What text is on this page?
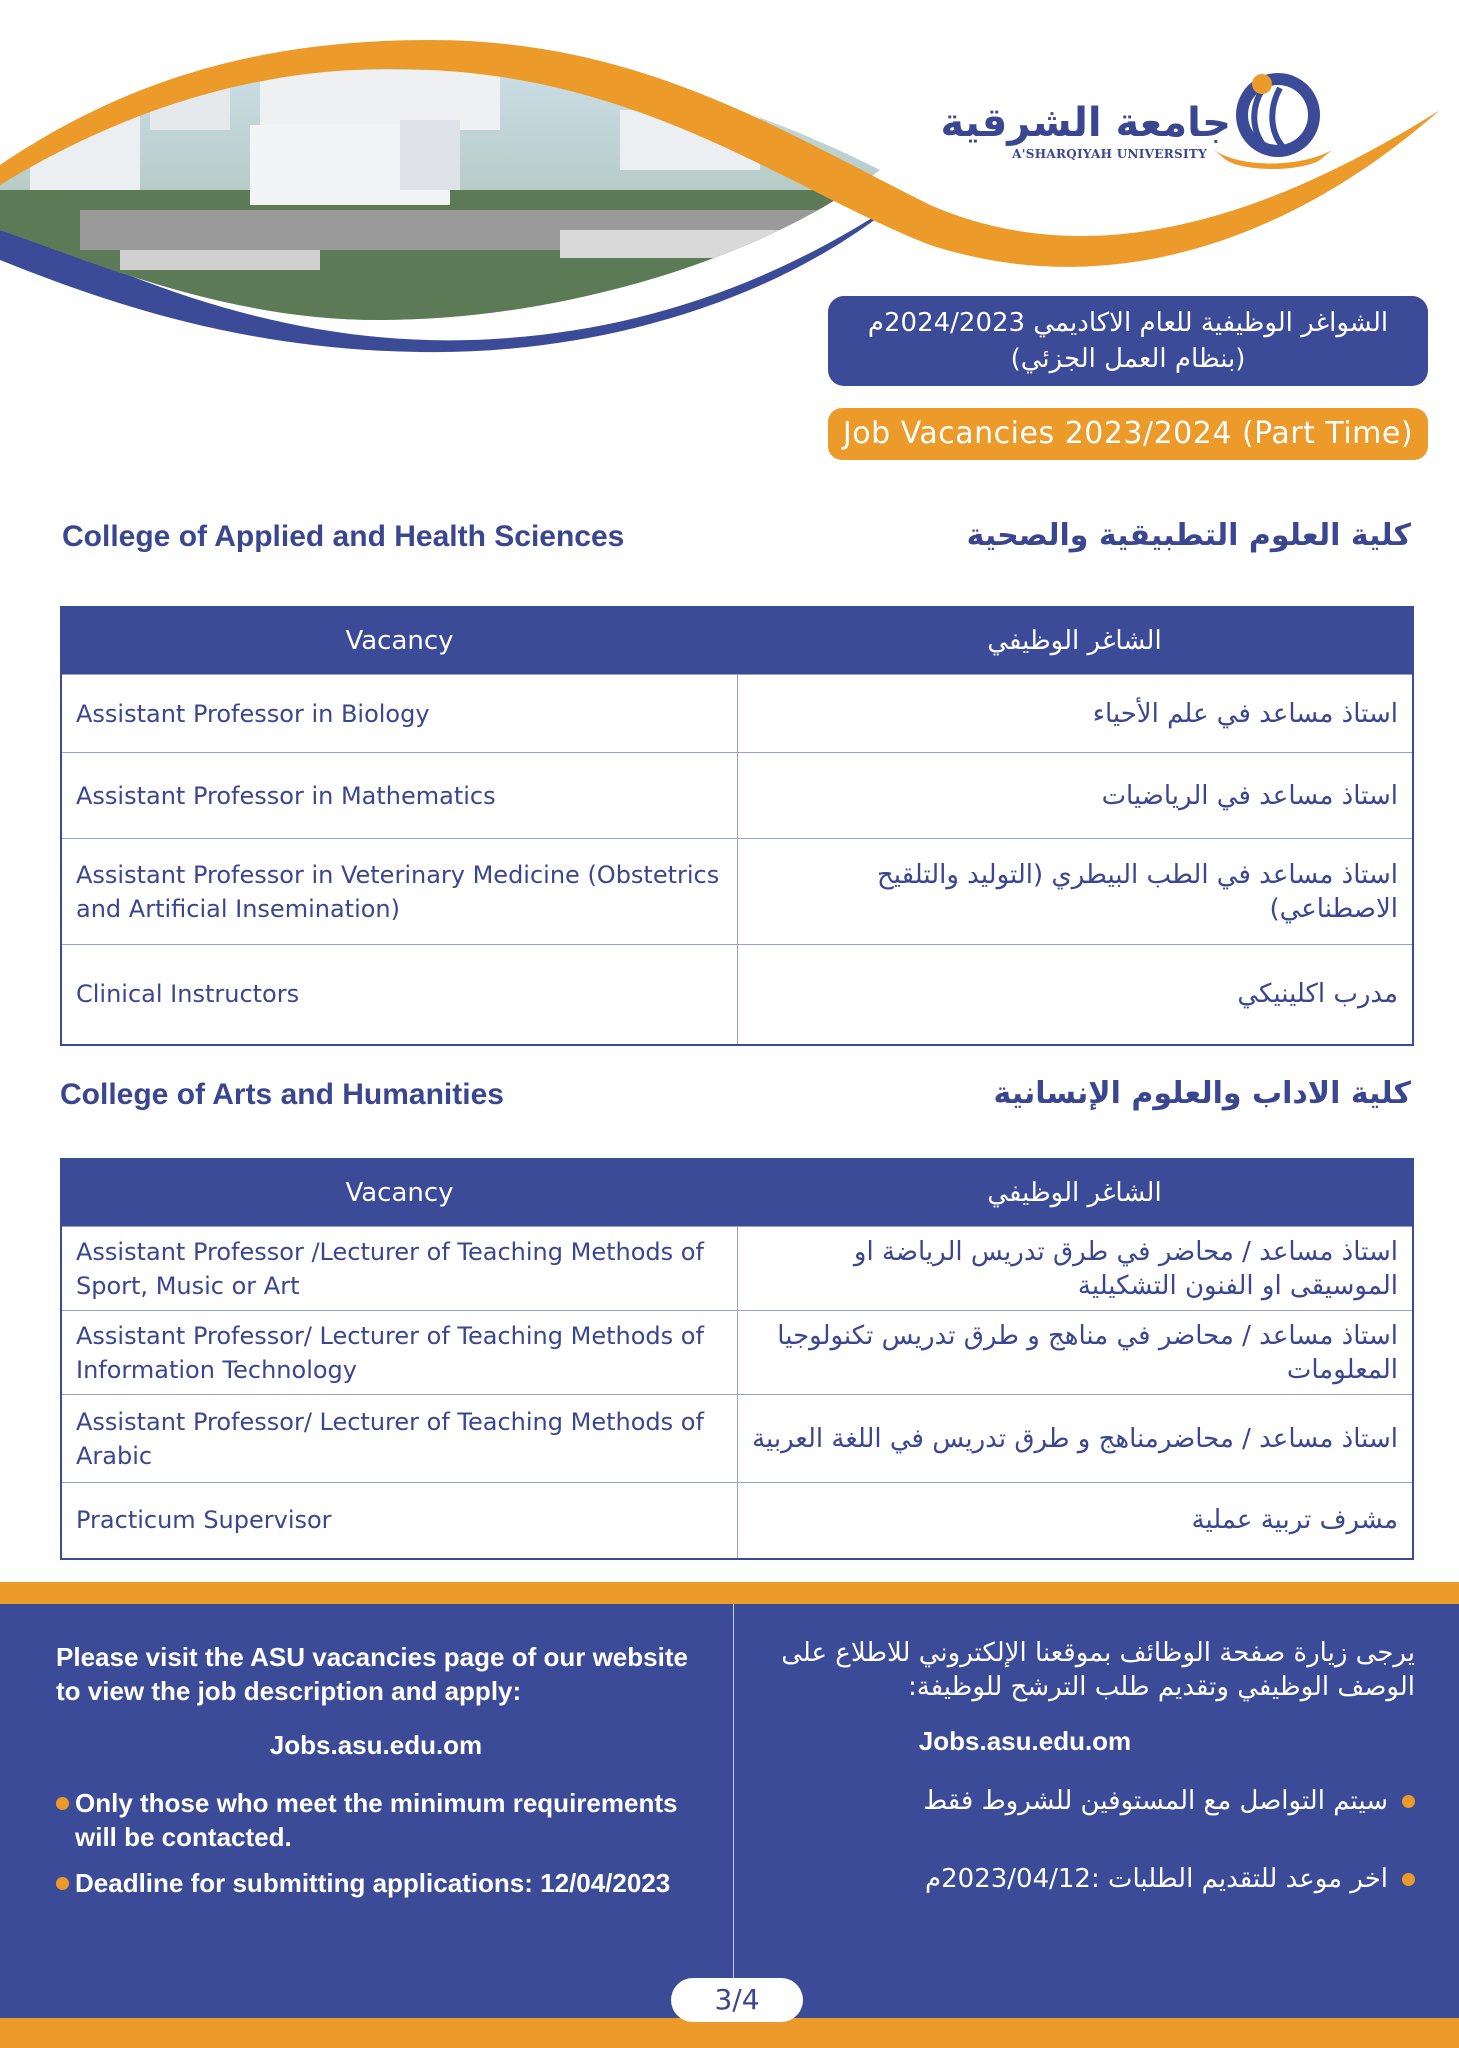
جامعة الشرقية
A'SHARQIYAH UNIVERSITY
الشواغر الوظيفية للعام الاكاديمي 2024/2023م
(بنظام العمل الجزئي)
Job Vacancies 2023/2024 (Part Time)
College of Applied and Health Sciences	كلية العلوم التطبيقية والصحية
Vacancy	الشاغر الوظيفي
Assistant Professor in Biology	استاذ مساعد في علم الأحياء
Assistant Professor in Mathematics	استاذ مساعد في الرياضيات
Assistant Professor in Veterinary Medicine (Obstetrics and Artificial Insemination)	استاذ مساعد في الطب البيطري (التوليد والتلقيح الاصطناعي)
Clinical Instructors	مدرب اكلينيكي
College of Arts and Humanities	كلية الاداب والعلوم الإنسانية
Vacancy	الشاغر الوظيفي
Assistant Professor /Lecturer of Teaching Methods of Sport, Music or Art	استاذ مساعد / محاضر في طرق تدريس الرياضة او الموسيقى او الفنون التشكيلية
Assistant Professor/ Lecturer of Teaching Methods of Information Technology	استاذ مساعد / محاضر في مناهج و طرق تدريس تكنولوجيا المعلومات
Assistant Professor/ Lecturer of Teaching Methods of Arabic	استاذ مساعد / محاضرمناهج و طرق تدريس في اللغة العربية
Practicum Supervisor	مشرف تربية عملية
Please visit the ASU vacancies page of our website to view the job description and apply:
Jobs.asu.edu.om
Only those who meet the minimum requirements will be contacted.
Deadline for submitting applications: 12/04/2023
يرجى زيارة صفحة الوظائف بموقعنا الإلكتروني للاطلاع على الوصف الوظيفي وتقديم طلب الترشح للوظيفة:
Jobs.asu.edu.om
سيتم التواصل مع المستوفين للشروط فقط
اخر موعد للتقديم الطلبات :2023/04/12م
3/4
